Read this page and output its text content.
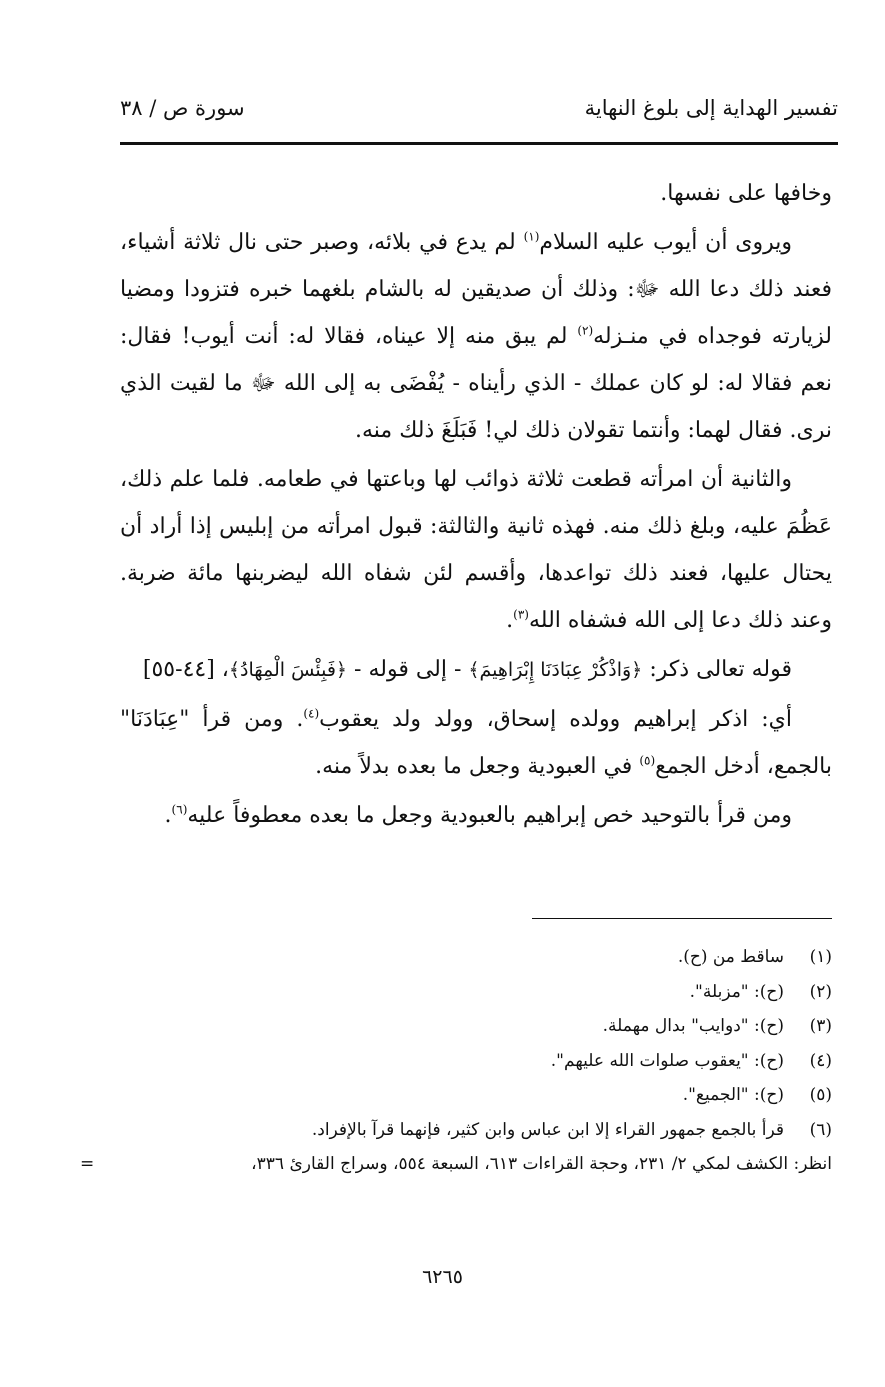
تفسير الهداية إلى بلوغ النهاية
سورة ص / ٣٨

وخافها على نفسها.

ويروى أن أيوب عليه السلام$^{(١)}$ لم يدع في بلائه، وصبر حتى نال ثلاثة أشياء، فعند ذلك دعا الله ﷻ: وذلك أن صديقين له بالشام بلغهما خبره فتزودا ومضيا لزيارته فوجداه في منـزله$^{(٢)}$ لم يبق منه إلا عيناه، فقالا له: أنت أيوب! فقال: نعم فقالا له: لو كان عملك - الذي رأيناه - يُفْضَى به إلى الله ﷻ ما لقيت الذي نرى. فقال لهما: وأنتما تقولان ذلك لي! فَبَلَغَ ذلك منه.

والثانية أن امرأته قطعت ثلاثة ذوائب لها وباعتها في طعامه. فلما علم ذلك، عَظُمَ عليه، وبلغ ذلك منه. فهذه ثانية والثالثة: قبول امرأته من إبليس إذا أراد أن يحتال عليها، فعند ذلك تواعدها، وأقسم لئن شفاه الله ليضربنها مائة ضربة. وعند ذلك دعا إلى الله فشفاه الله$^{(٣)}$.

قوله تعالى ذكر: ﴿وَاذْكُرْ عِبَادَنَا إِبْرَاهِيمَ﴾ - إلى قوله - ﴿فَبِئْسَ الْمِهَادُ﴾، [٤٤-٥٥]

أي: اذكر إبراهيم وولده إسحاق، وولد ولد يعقوب$^{(٤)}$. ومن قرأ "عِبَادَنَا" بالجمع، أدخل الجمع$^{(٥)}$ في العبودية وجعل ما بعده بدلاً منه.

ومن قرأ بالتوحيد خص إبراهيم بالعبودية وجعل ما بعده معطوفاً عليه$^{(٦)}$.

(١)
ساقط من (ح).
(٢)
(ح): "مزبلة".
(٣)
(ح): "دوايب" بدال مهملة.
(٤)
(ح): "يعقوب صلوات الله عليهم".
(٥)
(ح): "الجميع".
(٦)
قرأ بالجمع جمهور القراء إلا ابن عباس وابن كثير، فإنهما قرآ بالإفراد.
انظر: الكشف لمكي ٢/ ٢٣١، وحجة القراءات ٦١٣، السبعة ٥٥٤، وسراج القارئ ٣٣٦،
=
٦٢٦٥
